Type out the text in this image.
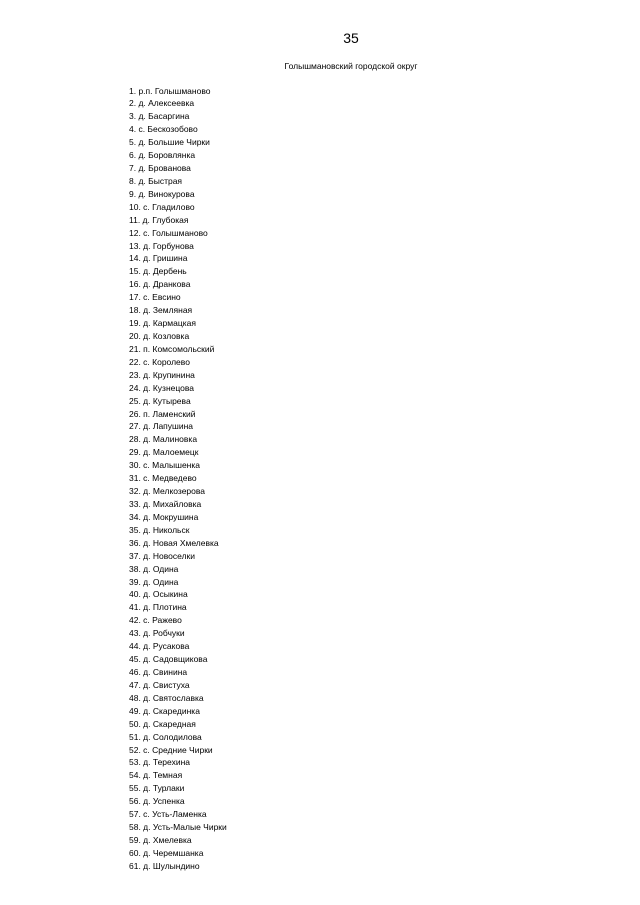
35
Голышмановский городской округ
1. р.п. Голышманово
2. д. Алексеевка
3. д. Басаргина
4. с. Бескозобово
5. д. Большие Чирки
6. д. Боровлянка
7. д. Брованова
8. д. Быстрая
9. д. Винокурова
10. с. Гладилово
11. д. Глубокая
12. с. Голышманово
13. д. Горбунова
14. д. Гришина
15. д. Дербень
16. д. Дранкова
17. с. Евсино
18. д. Земляная
19. д. Кармацкая
20. д. Козловка
21. п. Комсомольский
22. с. Королево
23. д. Крупинина
24. д. Кузнецова
25. д. Кутырева
26. п. Ламенский
27. д. Лапушина
28. д. Малиновка
29. д. Малоемецк
30. с. Малышенка
31. с. Медведево
32. д. Мелкозерова
33. д. Михайловка
34. д. Мокрушина
35. д. Никольск
36. д. Новая Хмелевка
37. д. Новоселки
38. д. Одина
39. д. Одина
40. д. Осыкина
41. д. Плотина
42. с. Ражево
43. д. Робчуки
44. д. Русакова
45. д. Садовщикова
46. д. Свинина
47. д. Свистуха
48. д. Святославка
49. д. Скарединка
50. д. Скаредная
51. д. Солодилова
52. с. Средние Чирки
53. д. Терехина
54. д. Темная
55. д. Турлаки
56. д. Успенка
57. с. Усть-Ламенка
58. д. Усть-Малые Чирки
59. д. Хмелевка
60. д. Черемшанка
61. д. Шулындино
